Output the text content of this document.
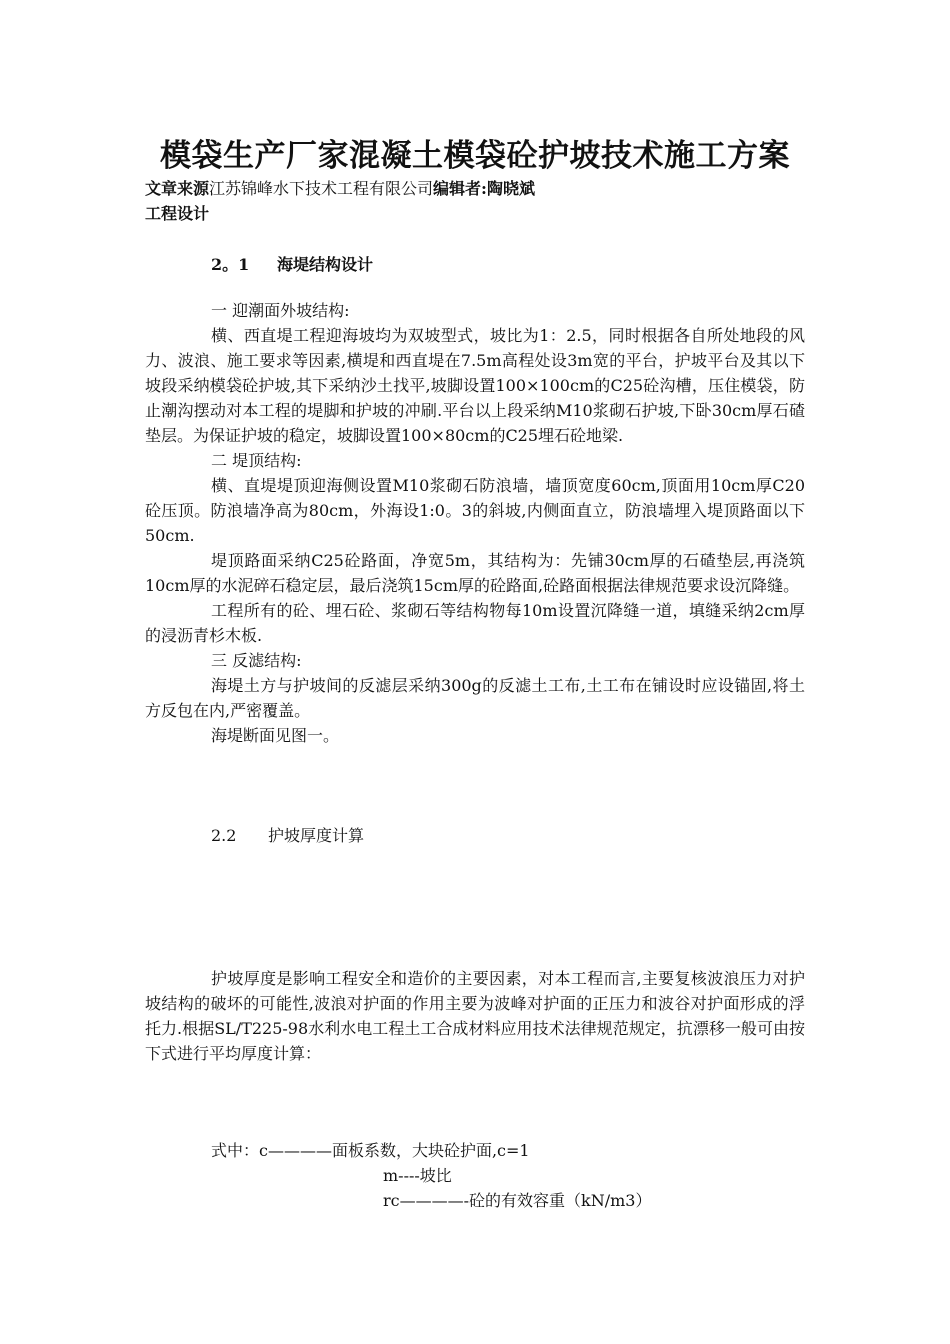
模袋生产厂家混凝土模袋砼护坡技术施工方案
文章来源江苏锦峰水下技术工程有限公司编辑者:陶晓斌
工程设计
2。1 海堤结构设计

一 迎潮面外坡结构:

横、西直堤工程迎海坡均为双坡型式，坡比为1：2.5，同时根据各自所处地段的风力、波浪、施工要求等因素,横堤和西直堤在7.5m高程处设3m宽的平台，护坡平台及其以下坡段采纳模袋砼护坡,其下采纳沙土找平,坡脚设置100×100cm的C25砼沟槽，压住模袋，防止潮沟摆动对本工程的堤脚和护坡的冲刷.平台以上段采纳M10浆砌石护坡,下卧30cm厚石碴垫层。为保证护坡的稳定，坡脚设置100×80cm的C25埋石砼地梁.

二 堤顶结构:

横、直堤堤顶迎海侧设置M10浆砌石防浪墙，墙顶宽度60cm,顶面用10cm厚C20砼压顶。防浪墙净高为80cm，外海设1:0。3的斜坡,内侧面直立，防浪墙埋入堤顶路面以下50cm.

堤顶路面采纳C25砼路面，净宽5m，其结构为：先铺30cm厚的石碴垫层,再浇筑10cm厚的水泥碎石稳定层，最后浇筑15cm厚的砼路面,砼路面根据法律规范要求设沉降缝。

工程所有的砼、埋石砼、浆砌石等结构物每10m设置沉降缝一道，填缝采纳2cm厚的浸沥青杉木板.

三 反滤结构:

海堤土方与护坡间的反滤层采纳300g的反滤土工布,土工布在铺设时应设锚固,将土方反包在内,严密覆盖。

海堤断面见图一。

2.2 护坡厚度计算

护坡厚度是影响工程安全和造价的主要因素，对本工程而言,主要复核波浪压力对护坡结构的破坏的可能性,波浪对护面的作用主要为波峰对护面的正压力和波谷对护面形成的浮托力.根据SL/T225-98水利水电工程土工合成材料应用技术法律规范规定，抗漂移一般可由按下式进行平均厚度计算：

式中：c————面板系数，大块砼护面,c=1
m----坡比
rc————-砼的有效容重（kN/m3）
